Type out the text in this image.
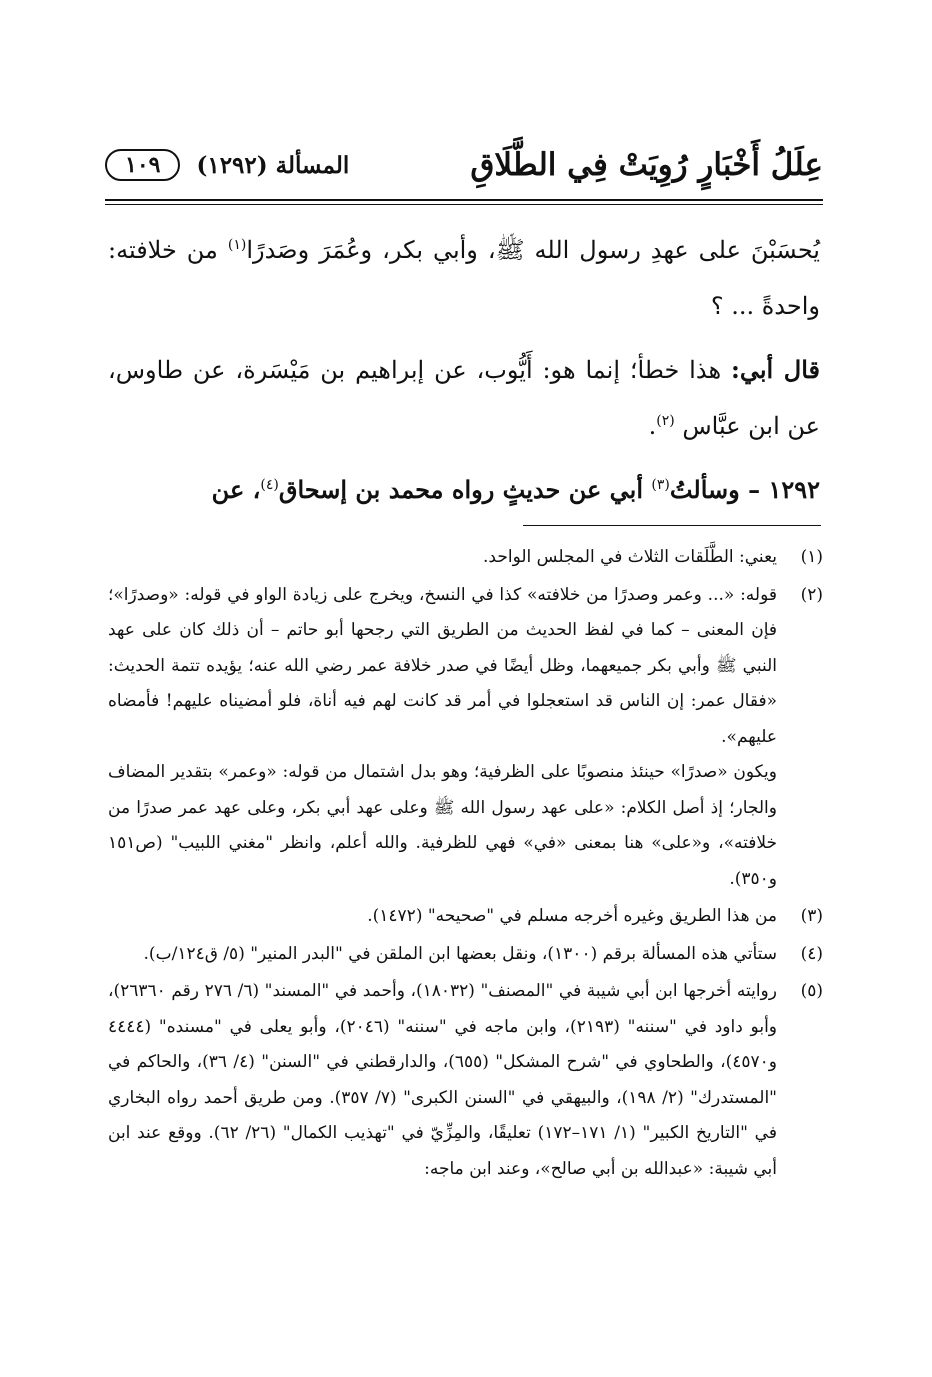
عِلَلُ أَخْبَارٍ رُوِيَتْ فِي الطَّلَاقِ
المسألة (١٢٩٢)
١٠٩

يُحسَبْنَ على عهدِ رسول الله ﷺ، وأبي بكر، وعُمَرَ وصَدرًا$^{(١)}$ من خلافته: واحدةً ... ؟

قال أبي: هذا خطأ؛ إنما هو: أَيُّوب، عن إبراهيم بن مَيْسَرة، عن طاوس، عن ابن عبَّاس $^{(٢)}$.

١٢٩٢ – وسألتُ$^{(٣)}$ أبي عن حديثٍ رواه محمد بن إسحاق$^{(٤)}$، عن

(١)
يعني: الطَّلَقات الثلاث في المجلس الواحد.
(٢)
قوله: «... وعمر وصدرًا من خلافته» كذا في النسخ، ويخرج على زيادة الواو في قوله: «وصدرًا»؛ فإن المعنى – كما في لفظ الحديث من الطريق التي رجحها أبو حاتم – أن ذلك كان على عهد النبي ﷺ وأبي بكر جميعهما، وظل أيضًا في صدر خلافة عمر رضي الله عنه؛ يؤيده تتمة الحديث: «فقال عمر: إن الناس قد استعجلوا في أمر قد كانت لهم فيه أناة، فلو أمضيناه عليهم! فأمضاه عليهم».
ويكون «صدرًا» حينئذ منصوبًا على الظرفية؛ وهو بدل اشتمال من قوله: «وعمر» بتقدير المضاف والجار؛ إذ أصل الكلام: «على عهد رسول الله ﷺ وعلى عهد أبي بكر، وعلى عهد عمر صدرًا من خلافته»، و«على» هنا بمعنى «في» فهي للظرفية. والله أعلم، وانظر "مغني اللبيب" (ص١٥١ و٣٥٠).
(٣)
من هذا الطريق وغيره أخرجه مسلم في "صحيحه" (١٤٧٢).
(٤)
ستأتي هذه المسألة برقم (١٣٠٠)، ونقل بعضها ابن الملقن في "البدر المنير" (٥/ ق١٢٤/ب).
(٥)
روايته أخرجها ابن أبي شيبة في "المصنف" (١٨٠٣٢)، وأحمد في "المسند" (٦/ ٢٧٦ رقم ٢٦٣٦٠)، وأبو داود في "سننه" (٢١٩٣)، وابن ماجه في "سننه" (٢٠٤٦)، وأبو يعلى في "مسنده" (٤٤٤٤ و٤٥٧٠)، والطحاوي في "شرح المشكل" (٦٥٥)، والدارقطني في "السنن" (٤/ ٣٦)، والحاكم في "المستدرك" (٢/ ١٩٨)، والبيهقي في "السنن الكبرى" (٧/ ٣٥٧). ومن طريق أحمد رواه البخاري في "التاريخ الكبير" (١/ ١٧١–١٧٢) تعليقًا، والمِزِّيّ في "تهذيب الكمال" (٢٦/ ٦٢). ووقع عند ابن أبي شيبة: «عبدالله بن أبي صالح»، وعند ابن ماجه:
